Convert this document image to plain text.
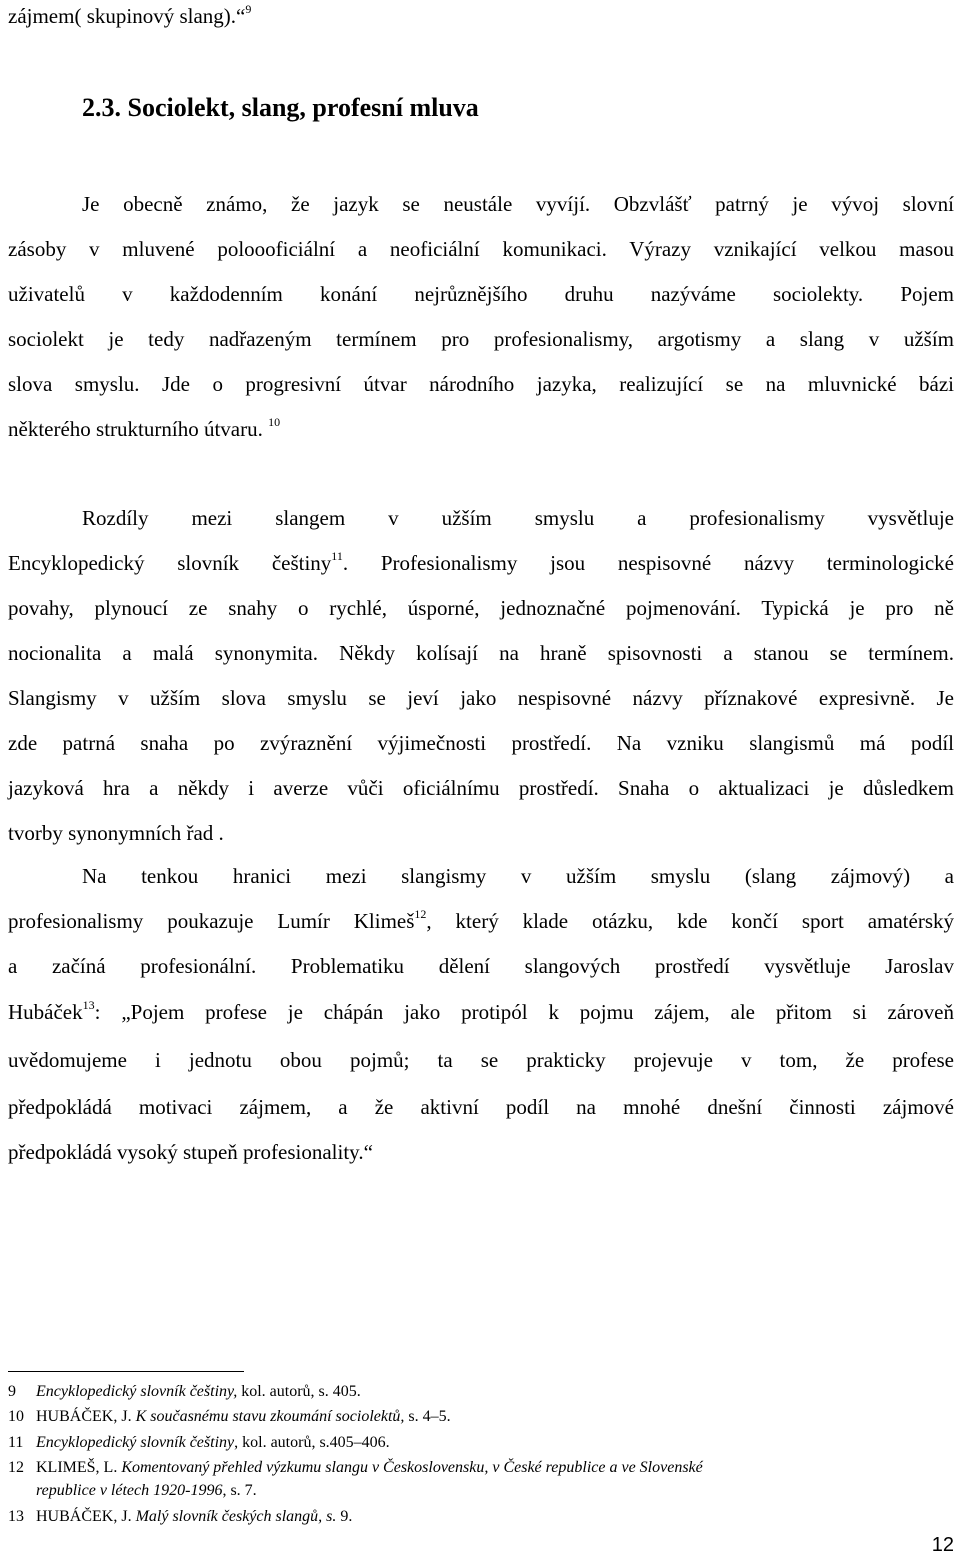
zájmem( skupinový slang).“$^9$
2.3. Sociolekt, slang, profesní mluva
Je obecně známo, že jazyk se neustále vyvíjí. Obzvlášť patrný je vývoj slovní
zásoby v mluvené poloooficiální a neoficiální komunikaci. Výrazy vznikající velkou masou
uživatelů v každodenním konání nejrůznějšího druhu nazýváme sociolekty. Pojem
sociolekt je tedy nadřazeným termínem pro profesionalismy, argotismy a slang v užším
slova smyslu. Jde o progresivní útvar národního jazyka, realizující se na mluvnické bázi
některého strukturního útvaru. $^{10}$
Rozdíly mezi slangem v užším smyslu a profesionalismy vysvětluje
Encyklopedický slovník češtiny$^{11}$. Profesionalismy jsou nespisovné názvy terminologické
povahy, plynoucí ze snahy o rychlé, úsporné, jednoznačné pojmenování. Typická je pro ně
nocionalita a malá synonymita. Někdy kolísají na hraně spisovnosti a stanou se termínem.
Slangismy v užším slova smyslu se jeví jako nespisovné názvy příznakové expresivně. Je
zde patrná snaha po zvýraznění výjimečnosti prostředí. Na vzniku slangismů má podíl
jazyková hra a někdy i averze vůči oficiálnímu prostředí. Snaha o aktualizaci je důsledkem
tvorby synonymních řad .
Na tenkou hranici mezi slangismy v užším smyslu (slang zájmový) a
profesionalismy poukazuje Lumír Klimeš$^{12}$, který klade otázku, kde končí sport amatérský
a začíná profesionální. Problematiku dělení slangových prostředí vysvětluje Jaroslav
Hubáček$^{13}$: „Pojem profese je chápán jako protipól k pojmu zájem, ale přitom si zároveň
uvědomujeme i jednotu obou pojmů; ta se prakticky projevuje v tom, že profese
předpokládá motivaci zájmem, a že aktivní podíl na mnohé dnešní činnosti zájmové
předpokládá vysoký stupeň profesionality.“
9 Encyklopedický slovník češtiny, kol. autorů, s. 405.
10 HUBÁČEK, J. K současnému stavu zkoumání sociolektů, s. 4–5.
11 Encyklopedický slovník češtiny, kol. autorů, s.405–406.
12 KLIMEŠ, L. Komentovaný přehled výzkumu slangu v Československu, v České republice a ve Slovenské
republice v létech 1920-1996, s. 7.
13 HUBÁČEK, J. Malý slovník českých slangů, s. 9.
12
